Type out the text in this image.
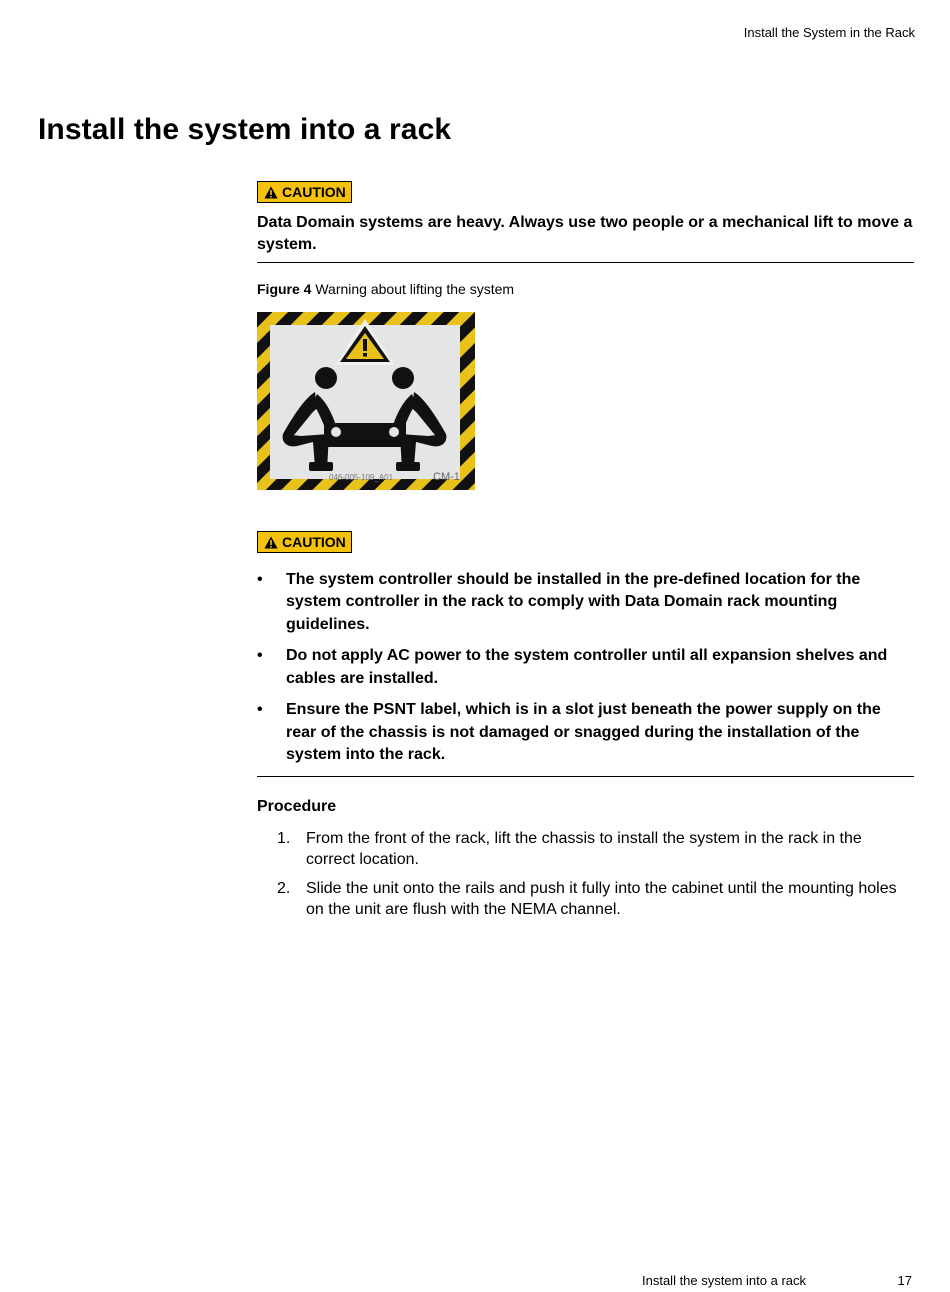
Install the System in the Rack
Install the system into a rack
CAUTION

Data Domain systems are heavy. Always use two people or a mechanical lift to move a system.

Figure 4 Warning about lifting the system
046-005-109_A01	CM-1
CAUTION
• The system controller should be installed in the pre-defined location for the system controller in the rack to comply with Data Domain rack mounting guidelines.
• Do not apply AC power to the system controller until all expansion shelves and cables are installed.
• Ensure the PSNT label, which is in a slot just beneath the power supply on the rear of the chassis is not damaged or snagged during the installation of the system into the rack.

Procedure

1. From the front of the rack, lift the chassis to install the system in the rack in the correct location.
2. Slide the unit onto the rails and push it fully into the cabinet until the mounting holes on the unit are flush with the NEMA channel.
Install the system into a rack	17
